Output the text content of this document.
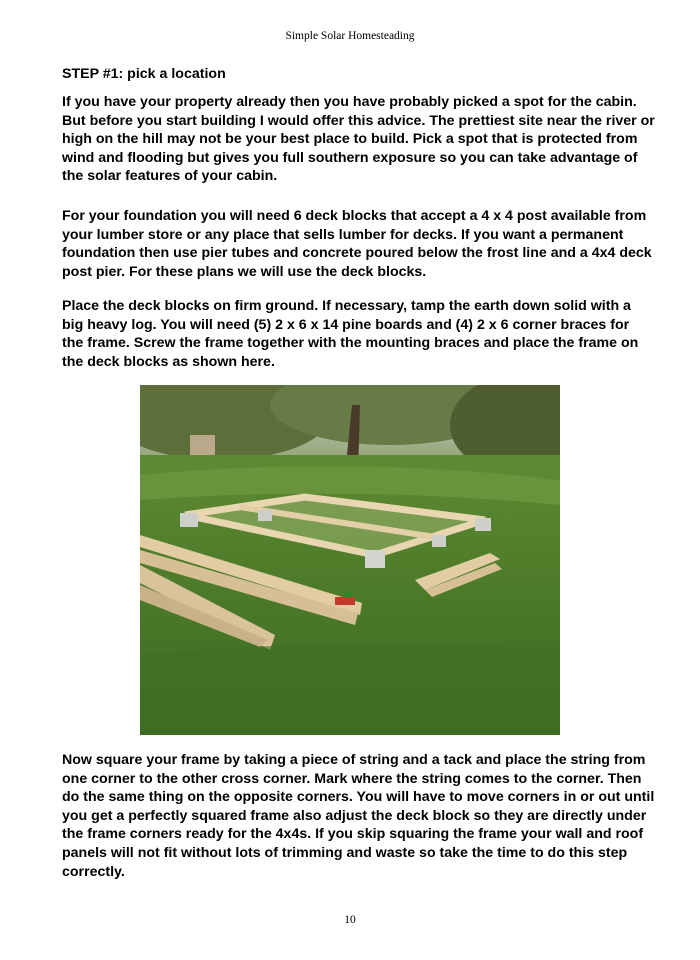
Simple Solar Homesteading
STEP #1: pick a location
If you have your property already then you have probably picked a spot for the cabin.
But before you start building I would offer this advice. The prettiest site near the river or
high on the hill may not be your best place to build. Pick a spot that is protected from
wind and flooding but gives you full southern exposure so you can take advantage of
the solar features of your cabin.
For your foundation you will need 6 deck blocks that accept a 4 x 4 post available from
your lumber store or any place that sells lumber for decks. If you want a permanent
foundation then use pier tubes and concrete poured below the frost line and a 4x4 deck
post pier. For these plans we will use the deck blocks.
Place the deck blocks on firm ground. If necessary, tamp the earth down solid with a
big heavy log. You will need (5) 2 x 6 x 14 pine boards and (4) 2 x 6 corner braces for
the frame. Screw the frame together with the mounting braces and place the frame on
the deck blocks as shown here.
Now square your frame by taking a piece of string and a tack and place the string from
one corner to the other cross corner. Mark where the string comes to the corner. Then
do the same thing on the opposite corners. You will have to move corners in or out until
you get a perfectly squared frame also adjust the deck block so they are directly under
the frame corners ready for the 4x4s. If you skip squaring the frame your wall and roof
panels will not fit without lots of trimming and waste so take the time to do this step
correctly.
10
